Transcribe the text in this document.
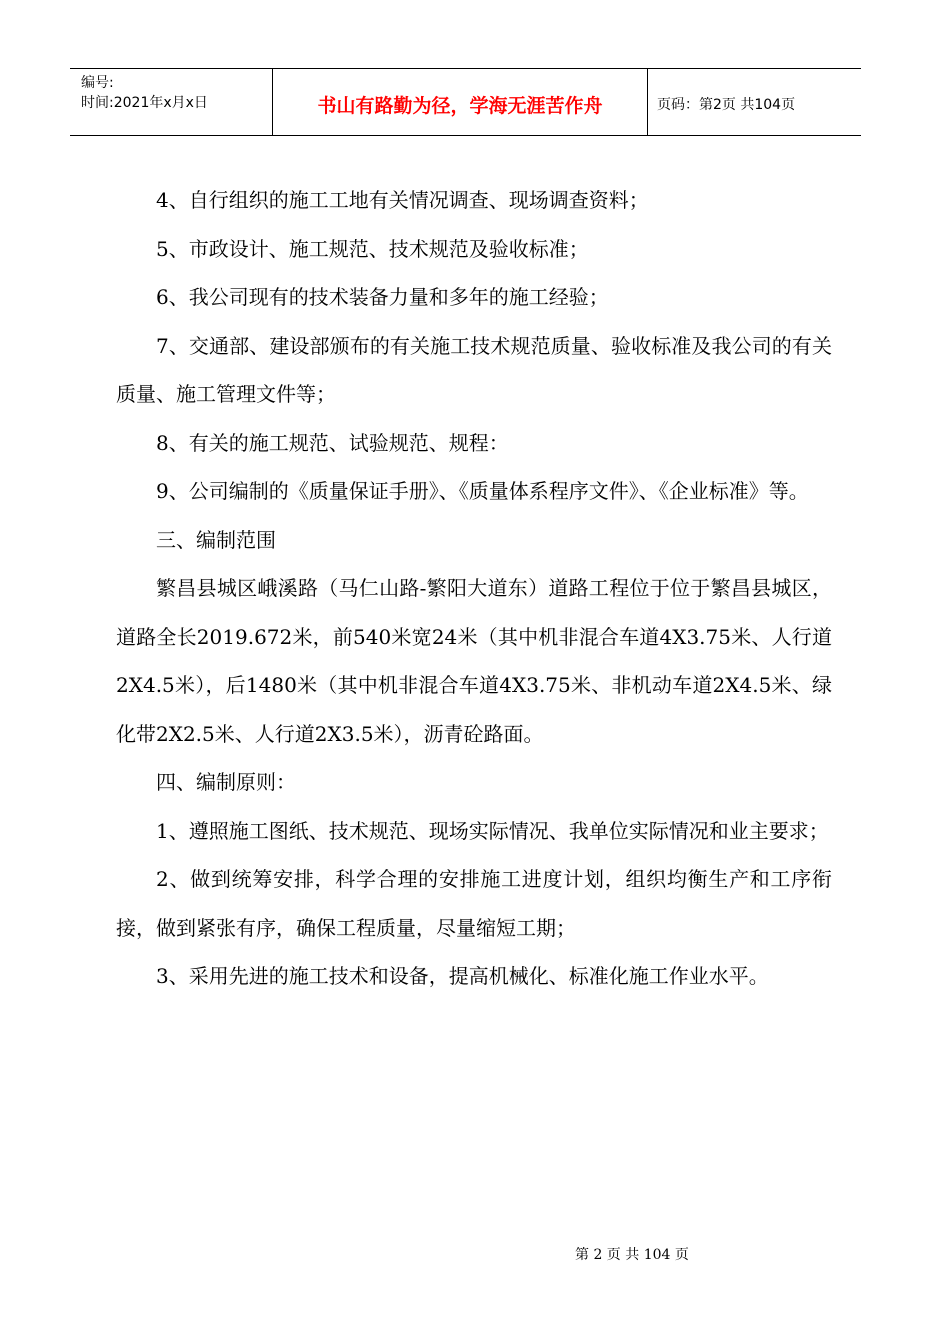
编号:
时间:2021年x月x日	书山有路勤为径，学海无涯苦作舟	页码：第2页 共104页

4、自行组织的施工工地有关情况调查、现场调查资料；

5、市政设计、施工规范、技术规范及验收标准；

6、我公司现有的技术装备力量和多年的施工经验；

7、交通部、建设部颁布的有关施工技术规范质量、验收标准及我公司的有关质量、施工管理文件等；

8、有关的施工规范、试验规范、规程：

9、公司编制的《质量保证手册》、《质量体系程序文件》、《企业标准》等。

三、编制范围

繁昌县城区峨溪路（马仁山路-繁阳大道东）道路工程位于位于繁昌县城区，道路全长2019.672米，前540米宽24米（其中机非混合车道4X3.75米、人行道2X4.5米），后1480米（其中机非混合车道4X3.75米、非机动车道2X4.5米、绿化带2X2.5米、人行道2X3.5米），沥青砼路面。

四、编制原则：

1、遵照施工图纸、技术规范、现场实际情况、我单位实际情况和业主要求；

2、做到统筹安排，科学合理的安排施工进度计划，组织均衡生产和工序衔接，做到紧张有序，确保工程质量，尽量缩短工期；

3、采用先进的施工技术和设备，提高机械化、标准化施工作业水平。

第 2 页 共 104 页
